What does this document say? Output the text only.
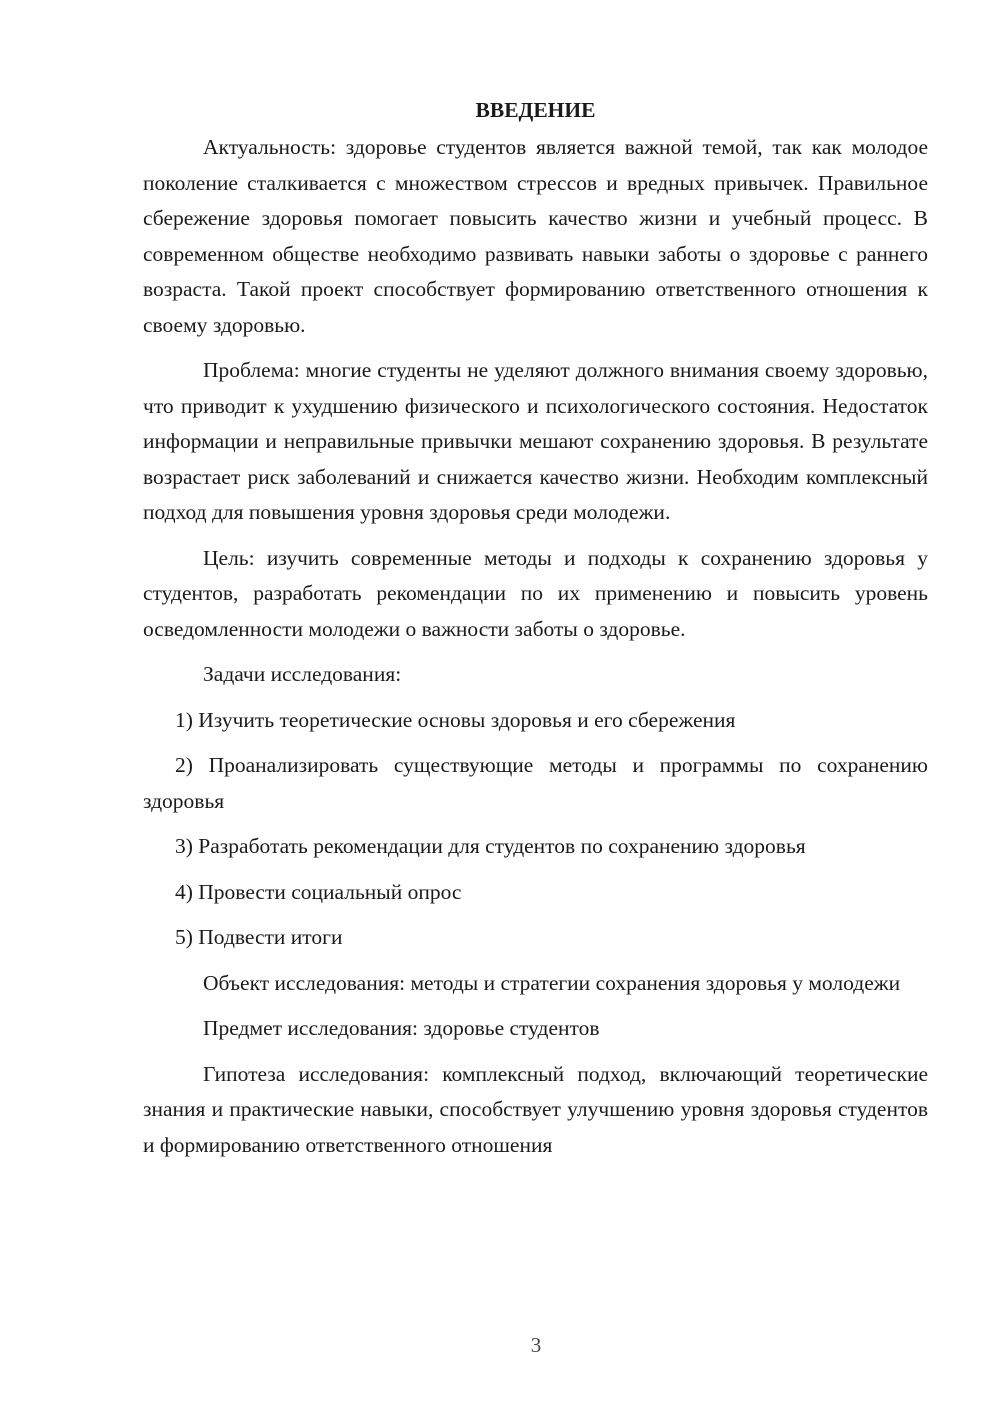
ВВЕДЕНИЕ

Актуальность: здоровье студентов является важной темой, так как молодое поколение сталкивается с множеством стрессов и вредных привычек. Правильное сбережение здоровья помогает повысить качество жизни и учебный процесс. В современном обществе необходимо развивать навыки заботы о здоровье с раннего возраста. Такой проект способствует формированию ответственного отношения к своему здоровью.

Проблема: многие студенты не уделяют должного внимания своему здоровью, что приводит к ухудшению физического и психологического состояния. Недостаток информации и неправильные привычки мешают сохранению здоровья. В результате возрастает риск заболеваний и снижается качество жизни. Необходим комплексный подход для повышения уровня здоровья среди молодежи.

Цель: изучить современные методы и подходы к сохранению здоровья у студентов, разработать рекомендации по их применению и повысить уровень осведомленности молодежи о важности заботы о здоровье.

Задачи исследования:

1) Изучить теоретические основы здоровья и его сбережения

2) Проанализировать существующие методы и программы по сохранению здоровья

3) Разработать рекомендации для студентов по сохранению здоровья

4) Провести социальный опрос

5) Подвести итоги

Объект исследования: методы и стратегии сохранения здоровья у молодежи

Предмет исследования: здоровье студентов

Гипотеза исследования: комплексный подход, включающий теоретические знания и практические навыки, способствует улучшению уровня здоровья студентов и формированию ответственного отношения

3
